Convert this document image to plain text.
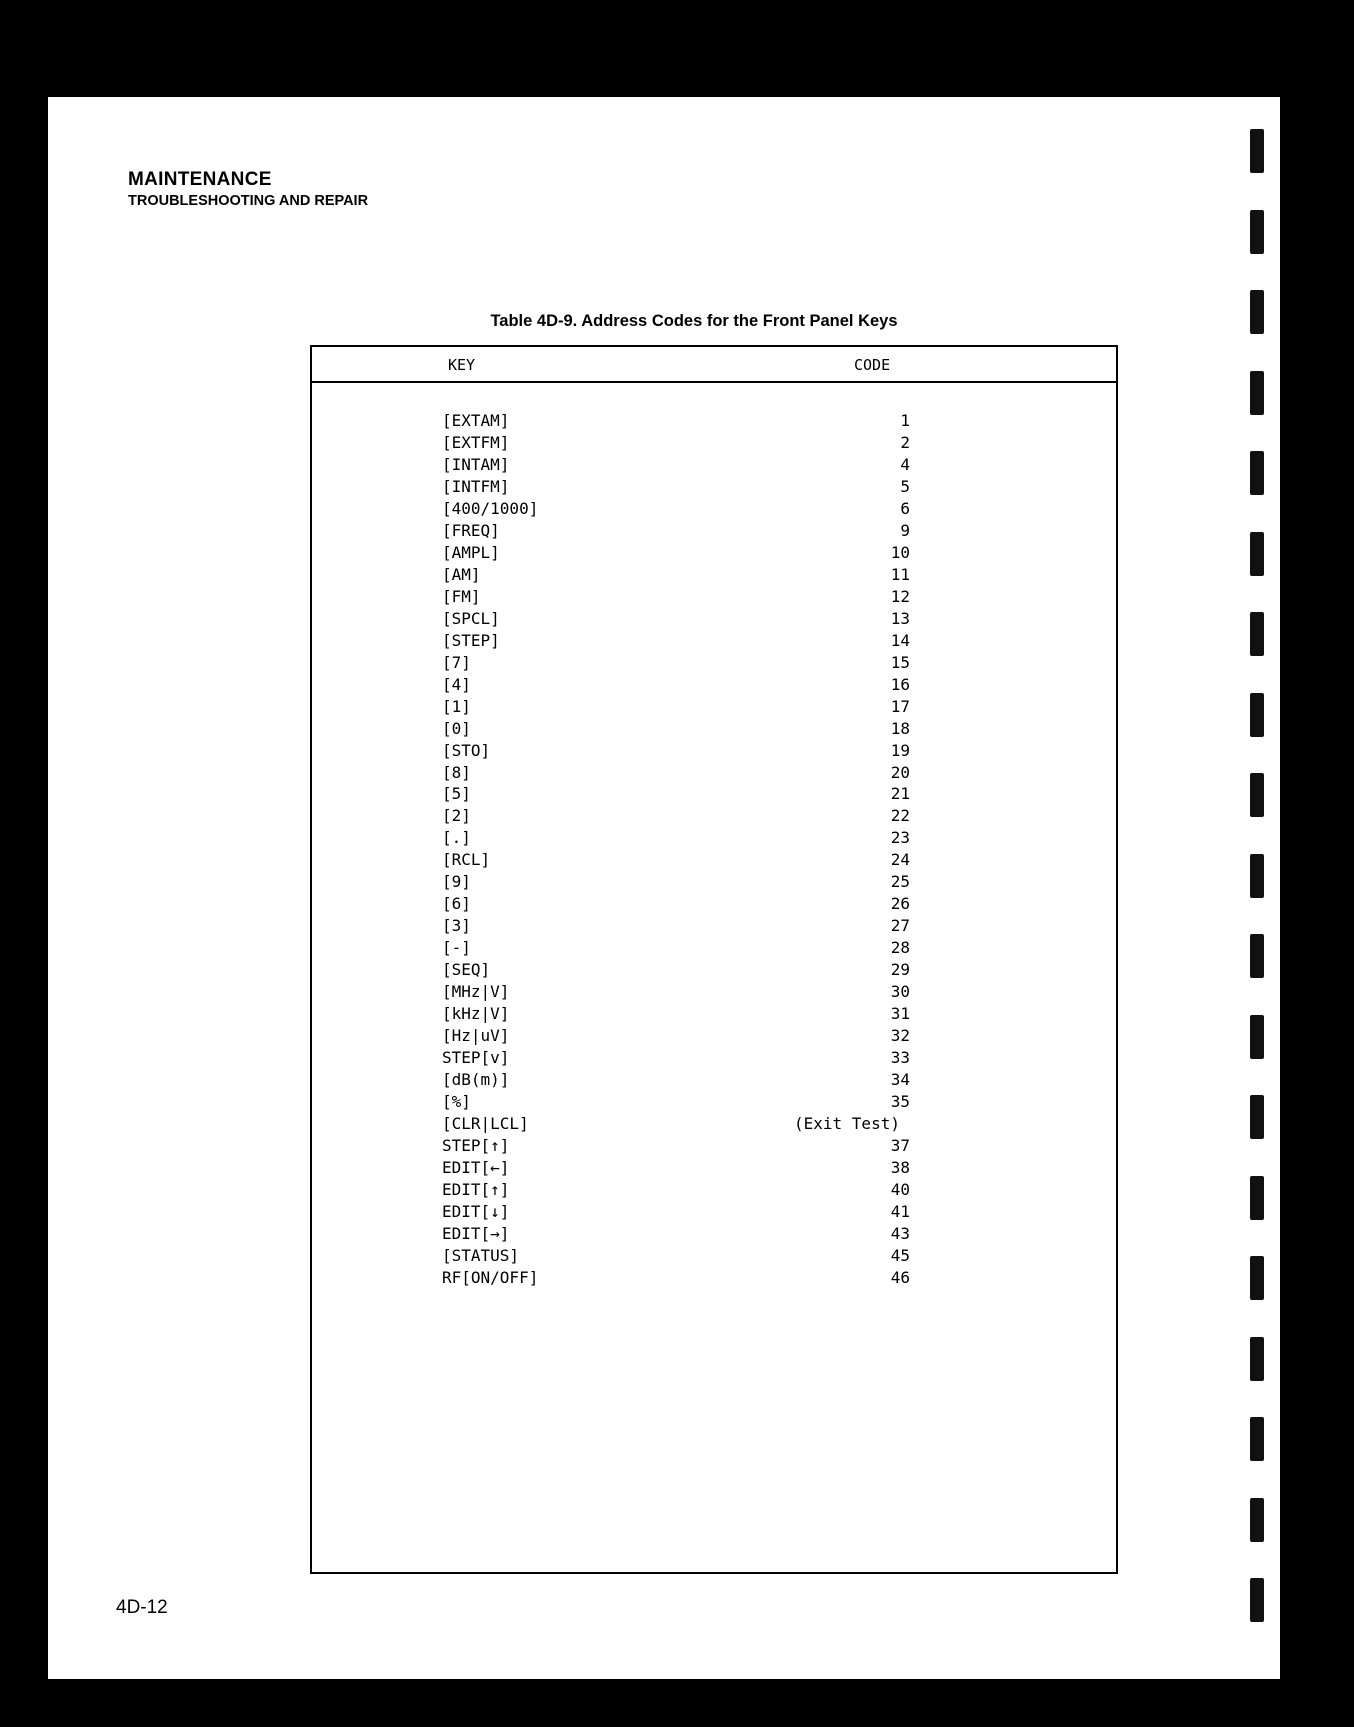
MAINTENANCE
TROUBLESHOOTING AND REPAIR
Table 4D-9. Address Codes for the Front Panel Keys
KEY	CODE
[EXTAM]	1
[EXTFM]	2
[INTAM]	4
[INTFM]	5
[400/1000]	6
[FREQ]	9
[AMPL]	10
[AM]	11
[FM]	12
[SPCL]	13
[STEP]	14
[7]	15
[4]	16
[1]	17
[0]	18
[STO]	19
[8]	20
[5]	21
[2]	22
[.]	23
[RCL]	24
[9]	25
[6]	26
[3]	27
[-]	28
[SEQ]	29
[MHz|V]	30
[kHz|V]	31
[Hz|uV]	32
STEP[v]	33
[dB(m)]	34
[%]	35
[CLR|LCL]	(Exit Test)
STEP[↑]	37
EDIT[←]	38
EDIT[↑]	40
EDIT[↓]	41
EDIT[→]	43
[STATUS]	45
RF[ON/OFF]	46
4D-12
